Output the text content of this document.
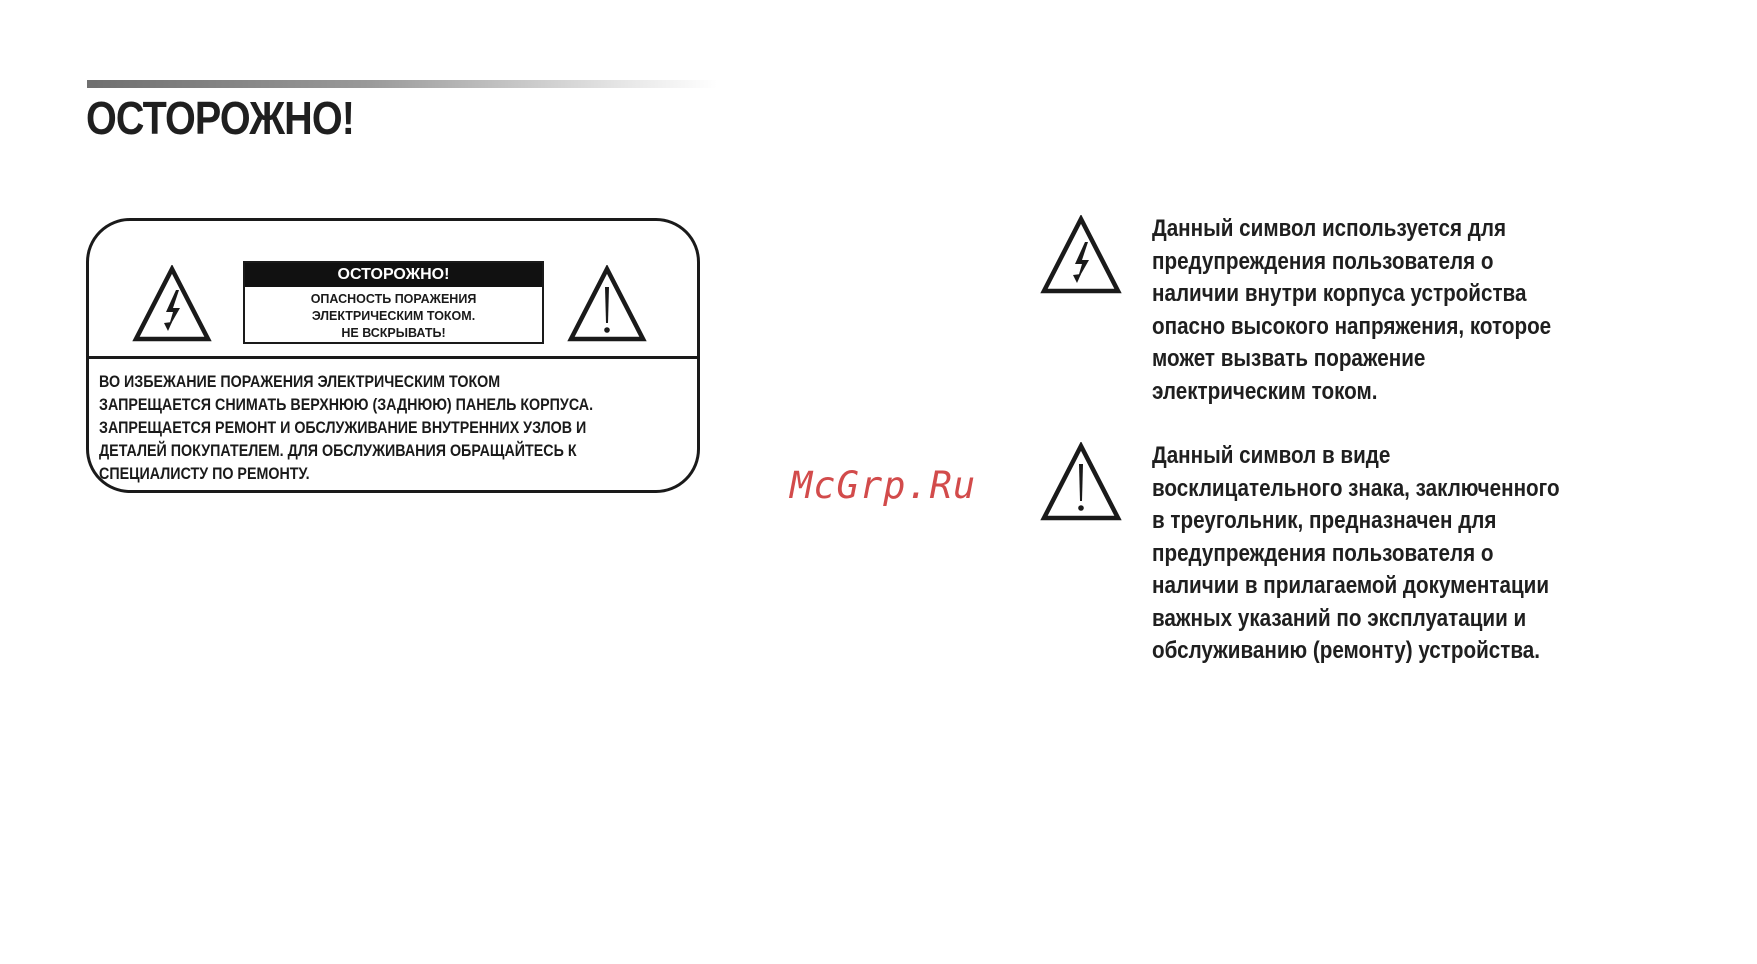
ОСТОРОЖНО!
ОСТОРОЖНО!
ОПАСНОСТЬ ПОРАЖЕНИЯ
ЭЛЕКТРИЧЕСКИМ ТОКОМ.
НЕ ВСКРЫВАТЬ!
ВО ИЗБЕЖАНИЕ ПОРАЖЕНИЯ ЭЛЕКТРИЧЕСКИМ ТОКОМ
ЗАПРЕЩАЕТСЯ СНИМАТЬ ВЕРХНЮЮ (ЗАДНЮЮ) ПАНЕЛЬ КОРПУСА.
ЗАПРЕЩАЕТСЯ РЕМОНТ И ОБСЛУЖИВАНИЕ ВНУТРЕННИХ УЗЛОВ И
ДЕТАЛЕЙ ПОКУПАТЕЛЕМ. ДЛЯ ОБСЛУЖИВАНИЯ ОБРАЩАЙТЕСЬ К
СПЕЦИАЛИСТУ ПО РЕМОНТУ.	McGrp.Ru
Данный символ используется для
предупреждения пользователя о
наличии внутри корпуса устройства
опасно высокого напряжения, которое
может вызвать поражение
электрическим током.
Данный символ в виде
восклицательного знака, заключенного
в треугольник, предназначен для
предупреждения пользователя о
наличии в прилагаемой документации
важных указаний по эксплуатации и
обслуживанию (ремонту) устройства.
